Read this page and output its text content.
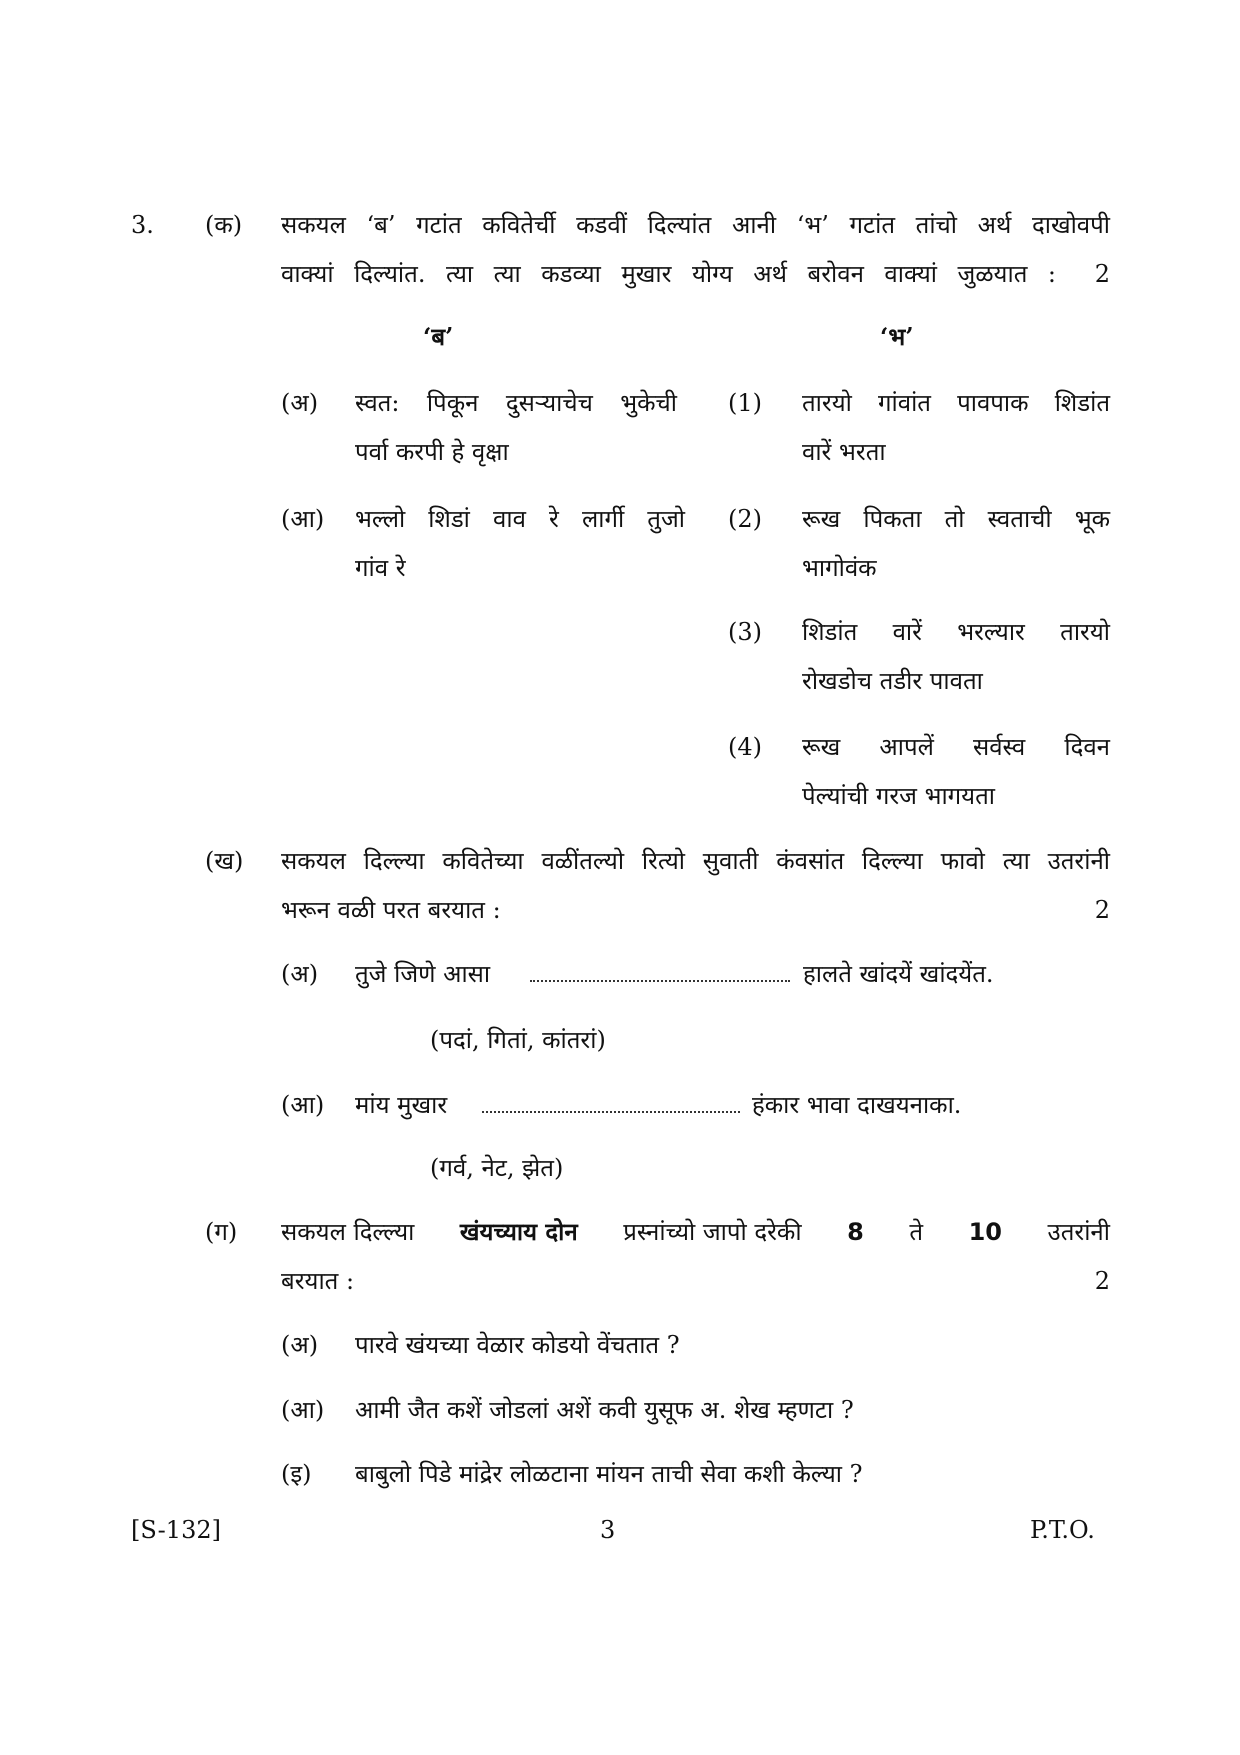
3. (क) सकयल ‘ब’ गटांत कवितेर्ची कडवीं दिल्यांत आनी ‘भ’ गटांत तांचो अर्थ दाखोवपी
वाक्यां दिल्यांत. त्या त्या कडव्या मुखार योग्य अर्थ बरोवन वाक्यां जुळयात : 2
‘ब’	‘भ’
(अ) स्वत: पिकून दुसऱ्याचेच भुकेची
पर्वा करपी हे वृक्षा
(आ) भल्लो शिडां वाव रे लार्गी तुजो
गांव रे
(1) तारयो गांवांत पावपाक शिडांत
वारें भरता
(2) रूख पिकता तो स्वताची भूक
भागोवंक
(3) शिडांत वारें भरल्यार तारयो
रोखडोच तडीर पावता
(4) रूख आपलें सर्वस्व दिवन
पेल्यांची गरज भागयता
(ख) सकयल दिल्ल्या कवितेच्या वळींतल्यो रित्यो सुवाती कंवसांत दिल्ल्या फावो त्या उतरांनी
भरून वळी परत बरयात :	2
(अ) तुजे जिणे आसा	हालते खांदयें खांदयेंत.
(पदां, गितां, कांतरां)
(आ) मांय मुखार	हंकार भावा दाखयनाका.
(गर्व, नेट, झेत)
(ग) सकयल दिल्ल्या खंयच्याय दोन प्रस्नांच्यो जापो दरेकी 8 ते 10 उतरांनी
बरयात :	2
(अ) पारवे खंयच्या वेळार कोडयो वेंचतात ?
(आ) आमी जैत कशें जोडलां अशें कवी युसूफ अ. शेख म्हणटा ?
(इ) बाबुलो पिडे मांद्रेर लोळटाना मांयन ताची सेवा कशी केल्या ?
[S-132]	3	P.T.O.
